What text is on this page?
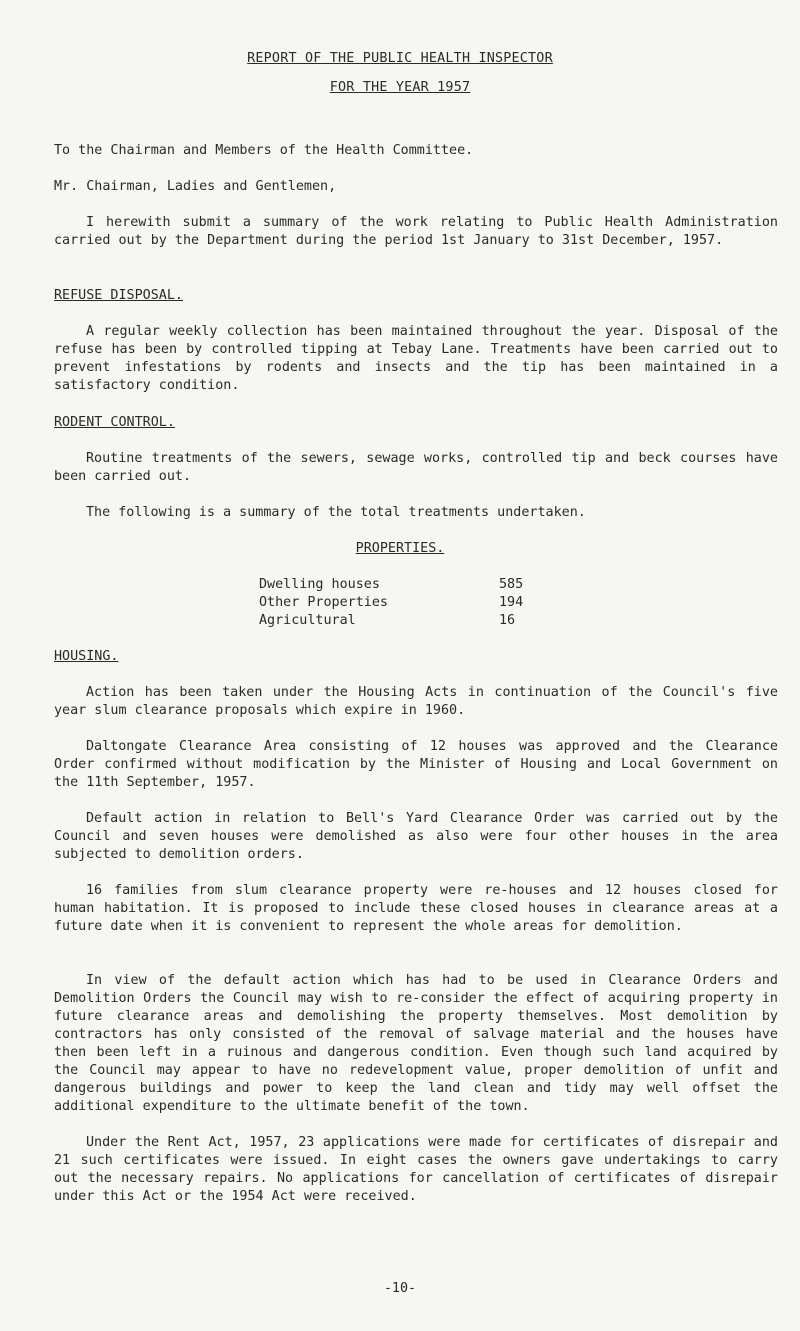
REPORT OF THE PUBLIC HEALTH INSPECTOR
FOR THE YEAR 1957

To the Chairman and Members of the Health Committee.

Mr. Chairman, Ladies and Gentlemen,

I herewith submit a summary of the work relating to Public Health Administration carried out by the Department during the period 1st January to 31st December, 1957.

REFUSE DISPOSAL.

A regular weekly collection has been maintained throughout the year. Disposal of the refuse has been by controlled tipping at Tebay Lane. Treatments have been carried out to prevent infestations by rodents and insects and the tip has been maintained in a satisfactory condition.

RODENT CONTROL.

Routine treatments of the sewers, sewage works, controlled tip and beck courses have been carried out.

The following is a summary of the total treatments undertaken.

PROPERTIES.
Dwelling houses	585
Other Properties	194
Agricultural	16

HOUSING.

Action has been taken under the Housing Acts in continuation of the Council's five year slum clearance proposals which expire in 1960.

Daltongate Clearance Area consisting of 12 houses was approved and the Clearance Order confirmed without modification by the Minister of Housing and Local Government on the 11th September, 1957.

Default action in relation to Bell's Yard Clearance Order was carried out by the Council and seven houses were demolished as also were four other houses in the area subjected to demolition orders.

16 families from slum clearance property were re-houses and 12 houses closed for human habitation. It is proposed to include these closed houses in clearance areas at a future date when it is convenient to represent the whole areas for demolition.

In view of the default action which has had to be used in Clearance Orders and Demolition Orders the Council may wish to re-consider the effect of acquiring property in future clearance areas and demolishing the property themselves. Most demolition by contractors has only consisted of the removal of salvage material and the houses have then been left in a ruinous and dangerous condition. Even though such land acquired by the Council may appear to have no redevelopment value, proper demolition of unfit and dangerous buildings and power to keep the land clean and tidy may well offset the additional expenditure to the ultimate benefit of the town.

Under the Rent Act, 1957, 23 applications were made for certificates of disrepair and 21 such certificates were issued. In eight cases the owners gave undertakings to carry out the necessary repairs. No applications for cancellation of certificates of disrepair under this Act or the 1954 Act were received.

-10-
